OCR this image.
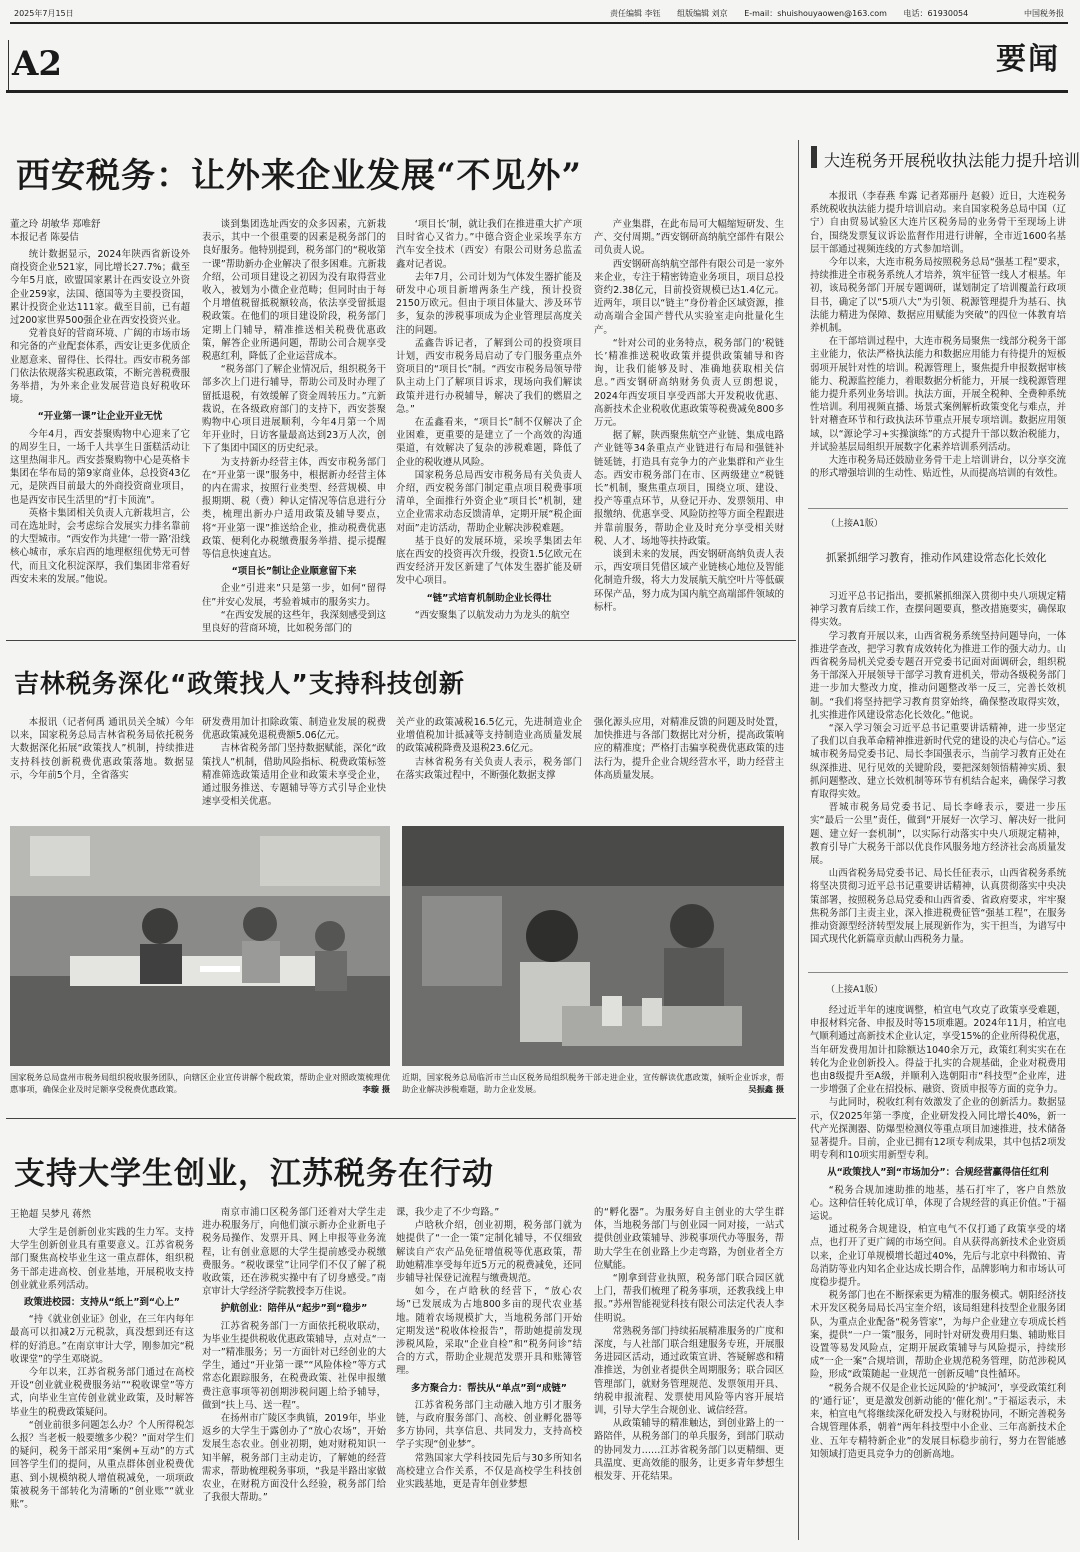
2025年7月15日	责任编辑 李钰 组版编辑 刘京 E-mail：shuishouyaowen@163.com 电话：61930054	中国税务报
A2	要闻
西安税务：让外来企业发展“不见外”
董之玲 胡敏华 郑唯舒
本报记者 陈晏佶

统计数据显示，2024年陕西省新设外商投资企业521家，同比增长27.7%；截至今年5月底，欧盟国家累计在西安设立外资企业259家，法国、德国等为主要投资国，累计投资企业达111家。截至目前，已有超过200家世界500强企业在西安投资兴业。

党着良好的营商环境、广阔的市场市场和完备的产业配套体系，西安让更多优质企业愿意来、留得住、长得壮。西安市税务部门依法依规落实税惠政策，不断完善税费服务举措，为外来企业发展营造良好税收环境。

“开业第一课”让企业开业无忧

今年4月，西安荟聚购物中心迎来了它的周岁生日，一场千人共享生日蛋糕活动让这里热闹非凡。西安荟聚购物中心是英格卡集团在华布局的第9家商业体，总投资43亿元，是陕西目前最大的外商投资商业项目，也是西安市民生活里的“打卡顶流”。

英格卡集团相关负责人亢新栽坦言，公司在选址时，会考虑综合发展实力排名靠前的大型城市。“西安作为共建‘一带一路’沿线核心城市，承东启西的地理枢纽优势无可替代，而且文化积淀深厚，我们集团非常看好西安未来的发展。”他说。

谈到集团选址西安的众多因素，亢新栽表示，其中一个很重要的因素是税务部门的良好服务。他特别提到，税务部门的“税收第一课”帮助新办企业解决了很多困难。亢新栽介绍，公司项目建设之初因为没有取得营业收入，被划为小微企业范畴；但同时由于每个月增值税留抵税额较高，依法享受留抵退税政策。在他们的项目建设阶段，税务部门定期上门辅导，精准推送相关税费优惠政策，解答企业所遇问题，帮助公司合规享受税惠红利，降低了企业运营成本。

“税务部门了解企业情况后，组织税务干部多次上门进行辅导，帮助公司及时办理了留抵退税，有效缓解了资金周转压力。”亢新栽说，在各级政府部门的支持下，西安荟聚购物中心项目进展顺利，今年4月第一个周年开业时，日访客量最高达到23万人次，创下了集团中国区的历史纪录。

为支持新办经营主体，西安市税务部门在“开业第一课”服务中，根据新办经营主体的内在需求，按照行业类型、经营规模、申报期期、税（费）种认定情况等信息进行分类，梳理出新办户适用政策及辅导要点，将“开业第一课”推送给企业，推动税费优惠政策、便利化办税缴费服务举措、提示提醒等信息快速直达。

“项目长”制让企业顺意留下来

企业“引进来”只是第一步，如何“留得住”并安心发展，考验着城市的服务实力。

“在西安发展的这些年，我深刻感受到这里良好的营商环境，比如税务部门的

‘项目长’制，就让我们在推进重大扩产项目时省心又省力。”中德合资企业采埃孚东方汽车安全技术（西安）有限公司财务总监孟鑫对记者说。

去年7月，公司计划为气体发生器扩能及研发中心项目新增两条生产线，预计投资2150万欧元。但由于项目体量大、涉及环节多，复杂的涉税事项成为企业管理层高度关注的问题。

孟鑫告诉记者，了解到公司的投资项目计划，西安市税务局启动了专门服务重点外资项目的“项目长”制。“西安市税务局领导带队主动上门了解项目诉求，现场向我们解读政策并进行办税辅导，解决了我们的燃眉之急。”

在孟鑫看来，“项目长”制不仅解决了企业困难，更重要的是建立了一个高效的沟通渠道，有效解决了复杂的涉税难题，降低了企业的税收遵从风险。

国家税务总局西安市税务局有关负责人介绍，西安税务部门制定重点项目税费事项清单，全面推行外资企业“项目长”机制，建立企业需求动态反馈清单，定期开展“税企面对面”走访活动，帮助企业解决涉税难题。

基于良好的发展环境，采埃孚集团去年底在西安的投资再次升级，投资1.5亿欧元在西安经济开发区新建了气体发生器扩能及研发中心项目。

“链”式培育机制助企业长得壮

“西安聚集了以航发动力为龙头的航空

产业集群，在此布局可大幅缩短研发、生产、交付周期。”西安钢研高纳航空部件有限公司负责人说。

西安钢研高纳航空部件有限公司是一家外来企业，专注于精密铸造业务项目，项目总投资约2.38亿元，目前投资规模已达1.4亿元。近两年，项目以“链主”身份着企区域资源，推动高端合金国产替代从实验室走向批量化生产。

“针对公司的业务特点，税务部门的‘税链长’精准推送税收政策并提供政策辅导和咨询，让我们能够及时、准确地获取相关信息。”西安钢研高纳财务负责人豆朗想说，2024年西安项目享受西部大开发税收优惠、高新技术企业税收优惠政策等税费减免800多万元。

据了解，陕西聚焦航空产业链、集成电路产业链等34条重点产业链进行布局和强链补链延链，打造具有竞争力的产业集群和产业生态。西安市税务部门在市、区两级建立“税链长”机制，聚焦重点项目，围绕立项、建设、投产等重点环节，从登记开办、发票领用、申报缴纳、优惠享受、风险防控等方面全程跟进并靠前服务，帮助企业及时充分享受相关财税、人才、场地等扶持政策。

谈到未来的发展，西安钢研高纳负责人表示，西安项目凭借区域产业链核心地位及智能化制造升级，将大力发展航天航空叶片等低碳环保产品，努力成为国内航空高端部件领域的标杆。

大连税务开展税收执法能力提升培训

本报讯（李春燕 牟露 记者郑丽丹 赵毅）近日，大连税务系统税收执法能力提升培训启动。来自国家税务总局中国（辽宁）自由贸易试验区大连片区税务局的业务骨干至现场上讲台，围绕发票复议诉讼监督作用进行讲解，全市近1600名基层干部通过视频连线的方式参加培训。

今年以来，大连市税务局按照税务总局“强基工程”要求，持续推进全市税务系统人才培养，筑牢征管一线人才根基。年初，该局税务部门开展专题调研，谋划制定了培训覆盖行政项目书，确定了以“5项八大”为引领、税源管理提升为基石、执法能力精进为保障、数据应用赋能为突破”的四位一体教育培养机制。

在干部培训过程中，大连市税务局聚焦一线部分税务干部主业能力，依法严格执法能力和数据应用能力有待提升的短板弱项开展针对性的培训。税源管理上，聚焦提升申报数据审核能力、税源监控能力，着眼数据分析能力，开展一线税源管理能力提升系列业务培训。执法方面，开展全税种、全费种系统性培训。利用视频直播、场景式案例解析政策变化与难点，并针对稽查环节和行政执法环节重点开展专项培训。数据应用领域，以“源论学习+实操演练”的方式提升干部以数治税能力，并试验基层局组织开展数字化素养培训系列活动。

大连市税务局还鼓励业务骨干走上培训讲台，以分享交流的形式增强培训的生动性、贴近性，从而提高培训的有效性。

（上接A1版）
抓紧抓细学习教育，推动作风建设常态化长效化

习近平总书记指出，要抓紧抓细深入贯彻中央八项规定精神学习教育后续工作，查摆问题要真，整改措施要实，确保取得实效。

学习教育开展以来，山西省税务系统坚持问题导向，一体推进学查改，把学习教育成效转化为推进工作的强大动力。山西省税务局机关党委专题召开党委书记面对面调研会，组织税务干部深入开展领导干部学习教育进机关，带动各级税务部门进一步加大整改力度，推动问题整改举一反三，完善长效机制。“我们将坚持把学习教育贯穿始终，确保整改取得实效，扎实推进作风建设常态化长效化。”他说。

“深入学习领会习近平总书记重要讲话精神，进一步坚定了我们以自我革命精神推进新时代党的建设的决心与信心。”运城市税务局党委书记、局长李国强表示，当前学习教育正处在纵深推进、见行见效的关键阶段，要把深刻领悟精神实质、狠抓问题整改、建立长效机制等环节有机结合起来，确保学习教育取得实效。

晋城市税务局党委书记、局长李峰表示，要进一步压实“最后一公里”责任，做到“开展好一次学习、解决好一批问题、建立好一套机制”，以实际行动落实中央八项规定精神，教育引导广大税务干部以优良作风服务地方经济社会高质量发展。

山西省税务局党委书记、局长任征表示，山西省税务系统将坚决贯彻习近平总书记重要讲话精神，认真贯彻落实中央决策部署，按照税务总局党委和山西省委、省政府要求，牢牢聚焦税务部门主责主业，深入推进税费征管“强基工程”，在服务推动资源型经济转型发展上展现新作为，实干担当，为谱写中国式现代化新篇章贡献山西税务力量。

（上接A1版）

经过近半年的速度调整，柏宣电气攻克了政策享受难题，申报材料完备、申报及时等15项难题。2024年11月，柏宣电气顺利通过高新技术企业认定，享受15%的企业所得税优惠，当年研发费用加计扣除额达1040余万元，政策红利实实在在转化为企业创新投入。得益于扎实的合规基础，企业对税费用也由8级提升至A级，并顺利入选朝阳市“科技型”企业库，进一步增强了企业在招投标、融资、资质申报等方面的竞争力。

与此同时，税收红利有效激发了企业的创新活力。数据显示，仅2025年第一季度，企业研发投入同比增长40%，新一代产光探测器、防爆型检测仪等重点项目加速推进，技术储备显著提升。目前，企业已拥有12项专利成果，其中包括2项发明专利和10项实用新型专利。

从“政策找人”到“市场加分”：合规经营赢得信任红利

“税务合规加速助推的地基，基石打牢了，客户自然放心。这种信任转化成订单，体现了合规经营的真正价值。”于福运说。

通过税务合规建设，柏宣电气不仅打通了政策享受的堵点，也打开了更广阔的市场空间。自从获得高新技术企业资质以来，企业订单规模增长超过40%，先后与北京中科微铂、青岛消防等业内知名企业达成长期合作，品牌影响力和市场认可度稳步提升。

税务部门也在不断探索更为精准的服务模式。朝阳经济技术开发区税务局局长冯宝奎介绍，该局组建科技型企业服务团队，为重点企业配备“税务管家”，为每户企业建立专项成长档案，提供“一户一策”服务，同时针对研发费用归集、辅助账目设置等易发风险点，定期开展政策辅导与风险提示，持续形成“一企一案”合规培训，帮助企业规范税务管理，防范涉税风险，形成“政策随起一业规范一创新反哺”良性循环。

“税务合规不仅是企业长远风险的‘护城河’，享受政策红利的‘通行证’，更是激发创新动能的‘催化剂’。”于福运表示，未来，柏宣电气将继续深化研发投入与财税协同，不断完善税务合规管理体系，朝着“两年科技型中小企业、三年高新技术企业、五年专精特新企业”的发展目标稳步前行，努力在智能感知领域打造更具竞争力的创新高地。

吉林税务深化“政策找人”支持科技创新

本报讯（记者何禹 通讯员关全城）今年以来，国家税务总局吉林省税务局依托税务大数据深化拓展“政策找人”机制，持续推进支持科技创新税费优惠政策落地。数据显示，今年前5个月，全省落实

研发费用加计扣除政策、制造业发展的税费优惠政策减免退税费额5.06亿元。

吉林省税务部门坚持数据赋能，深化“政策找人”机制，借助风险指标、税费政策标签精准筛选政策适用企业和政策未享受企业，通过服务推送、专题辅导等方式引导企业快速享受相关优惠。

关产业的政策减税16.5亿元，先进制造业企业增值税加计抵减等支持制造业高质量发展的政策减税降费及退税23.6亿元。

吉林省税务有关负责人表示，税务部门在落实政策过程中，不断强化数据支撑

强化源头应用，对精准反馈的问题及时处置，加快推进与各部门数据比对分析，提高政策响应的精准度；严格打击骗享税费优惠政策的违法行为，提升企业合规经营水平，助力经营主体高质量发展。

国家税务总局盘州市税务局组织税收服务团队，向辖区企业宣传讲解个税政策，帮助企业对照政策梳理优惠事项，确保企业及时足额享受税费优惠政策。	李璇 摄
近期，国家税务总局临沂市兰山区税务局组织税务干部走进企业，宣传解读优惠政策，倾听企业诉求，帮助企业解决涉税难题，助力企业发展。	吴振鑫 摄
支持大学生创业，江苏税务在行动
王艳超 吴梦凡 蒋然

大学生是创新创业实践的生力军。支持大学生创新创业具有重要意义。江苏省税务部门聚焦高校毕业生这一重点群体，组织税务干部走进高校、创业基地，开展税收支持创业就业系列活动。

政策进校园：支持从“纸上”到“心上”

“持《就业创业证》创业，在三年内每年最高可以扣减2万元税款，真没想到还有这样的好消息。”在南京审计大学，刚参加完“税收课堂”的学生邓晓说。

今年以来，江苏省税务部门通过在高校开设“创业就业税费服务站”“税收课堂”等方式，向毕业生宣传创业就业政策，及时解答毕业生的税费政策疑问。

“创业前很多问题怎么办？个人所得税怎么报？当老板一般要缴多少税？”面对学生们的疑问，税务干部采用“案例+互动”的方式回答学生们的提问，从重点群体创业税费优惠、到小规模纳税人增值税减免，一项项政策被税务干部转化为清晰的“创业账”“就业账”。

南京市浦口区税务部门还着对大学生走进办税服务厅，向他们演示新办企业新电子税务局操作、发票开具、网上申报等业务流程，让有创业意愿的大学生提前感受办税缴费服务。“税收课堂”让同学们不仅了解了税收政策，还在涉税实操中有了切身感受。”南京审计大学经济学院教授李万佳说。

护航创业：陪伴从“起步”到“稳步”

江苏省税务部门一方面依托税收联动，为毕业生提供税收优惠政策辅导，点对点“一对一”精准服务；另一方面针对已经创业的大学生，通过“开业第一课”“风险体检”等方式常态化跟踪服务，在税费政策、社保申报缴费注意事项等初创期涉税问题上给予辅导，做到“扶上马、送一程”。

在扬州市广陵区李典镇，2019年，毕业返乡的大学生于露创办了“放心农场”，开始发展生态农业。创业初期，她对财税知识一知半解，税务部门主动走访，了解她的经营需求，帮助梳理税务事项，“我是半路出家做农业，在财税方面没什么经验，税务部门给了我很大帮助。”

课，我少走了不少弯路。”

卢晗秋介绍，创业初期，税务部门就为她提供了“一企一策”定制化辅导，不仅细致解读自产农产品免征增值税等优惠政策，帮助她精准享受每年近5万元的税费减免，还同步辅导社保登记流程与缴费规范。

如今，在卢晗秋的经营下，“放心农场”已发展成为占地800多亩的现代农业基地。随着农场规模扩大，当地税务部门开始定期发送“税收体检报告”，帮助她提前发现涉税风险，采取“企业自检”和“税务问诊”结合的方式，帮助企业规范发票开具和账簿管理。

多方聚合力：帮扶从“单点”到“成链”

江苏省税务部门主动融入地方引才服务链，与政府服务部门、高校、创业孵化器等多方协同，共享信息、共同发力，支持高校学子实现“创业梦”。

常熟国家大学科技园先后与30多所知名高校建立合作关系，不仅是高校学生科技创业实践基地，更是青年创业梦想

的“孵化器”。为服务好自主创业的大学生群体，当地税务部门与创业园一同对接，一站式提供创业政策辅导、涉税事项代办等服务，帮助大学生在创业路上少走弯路，为创业者全方位赋能。

“刚拿到营业执照，税务部门联合园区就上门，帮我们梳理了税务事项，还教我线上申报。”苏州智能视觉科技有限公司法定代表人李佳明说。

常熟税务部门持续拓展精准服务的广度和深度，与人社部门联合组建服务专班，开展服务进园区活动，通过政策宣讲、答疑解惑和精准推送，为创业者提供全周期服务；联合园区管理部门，就财务管理规范、发票领用开具、纳税申报流程、发票使用风险等内容开展培训，引导大学生合规创业、诚信经营。

从政策辅导的精准触达，到创业路上的一路陪伴，从税务部门的单兵服务，到部门联动的协同发力……江苏省税务部门以更精细、更具温度、更高效能的服务，让更多青年梦想生根发芽、开花结果。
